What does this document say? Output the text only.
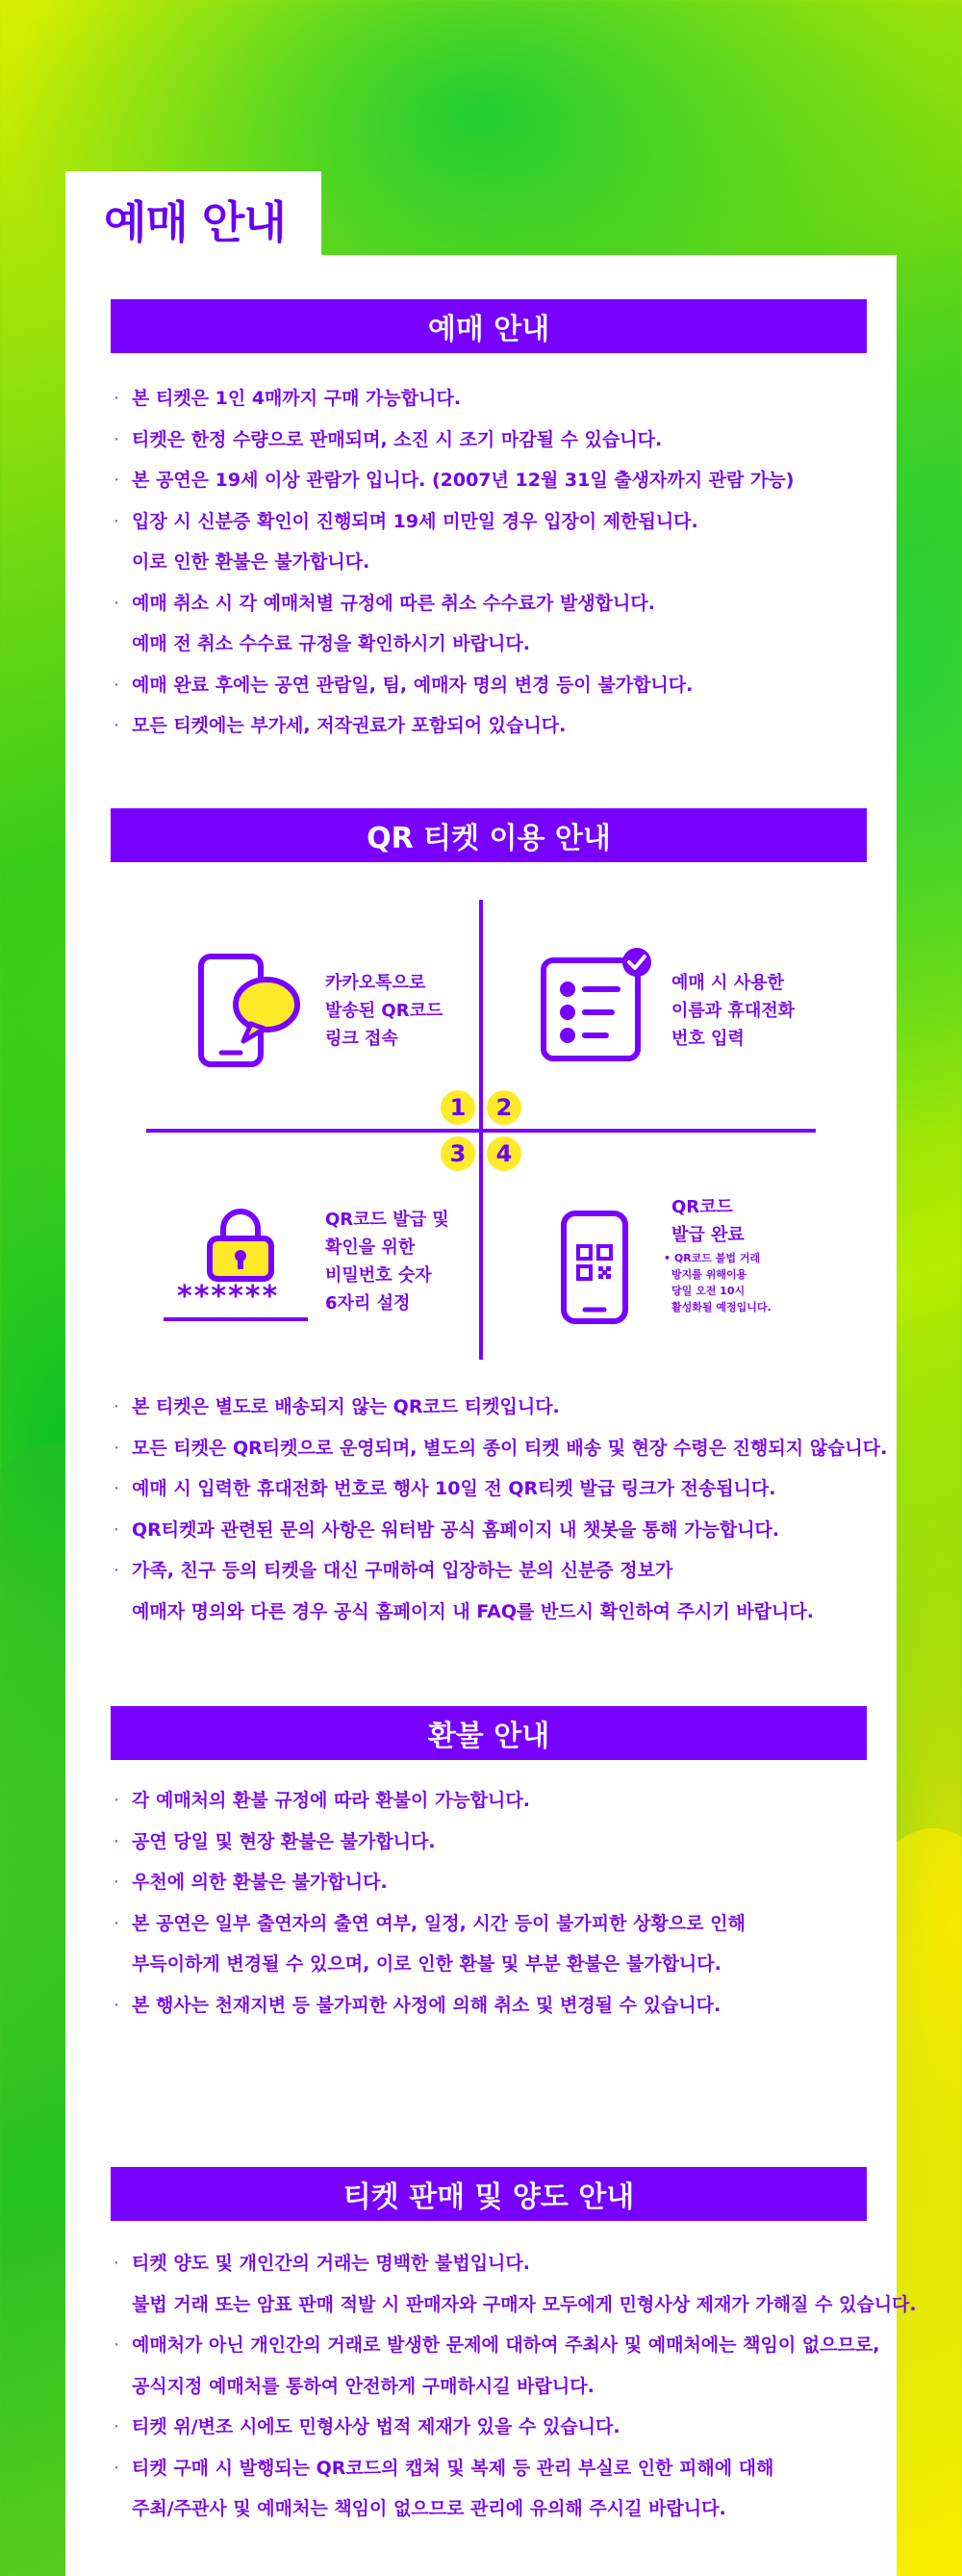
예매 안내
예매 안내
· 본 티켓은 1인 4매까지 구매 가능합니다.
· 티켓은 한정 수량으로 판매되며, 소진 시 조기 마감될 수 있습니다.
· 본 공연은 19세 이상 관람가 입니다. (2007년 12월 31일 출생자까지 관람 가능)
· 입장 시 신분증 확인이 진행되며 19세 미만일 경우 입장이 제한됩니다.
이로 인한 환불은 불가합니다.
· 예매 취소 시 각 예매처별 규정에 따른 취소 수수료가 발생합니다.
예매 전 취소 수수료 규정을 확인하시기 바랍니다.
· 예매 완료 후에는 공연 관람일, 팀, 예매자 명의 변경 등이 불가합니다.
· 모든 티켓에는 부가세, 저작권료가 포함되어 있습니다.
QR 티켓 이용 안내
1	2
3	4
카카오톡으로
발송된 QR코드
링크 접속
예매 시 사용한
이름과 휴대전화
번호 입력
******
QR코드 발급 및
확인을 위한
비밀번호 숫자
6자리 설정
QR코드
발급 완료
• QR코드 불법 거래
방지를 위해이용
당일 오전 10시
활성화될 예정입니다.
· 본 티켓은 별도로 배송되지 않는 QR코드 티켓입니다.
· 모든 티켓은 QR티켓으로 운영되며, 별도의 종이 티켓 배송 및 현장 수령은 진행되지 않습니다.
· 예매 시 입력한 휴대전화 번호로 행사 10일 전 QR티켓 발급 링크가 전송됩니다.
· QR티켓과 관련된 문의 사항은 워터밤 공식 홈페이지 내 챗봇을 통해 가능합니다.
· 가족, 친구 등의 티켓을 대신 구매하여 입장하는 분의 신분증 정보가
예매자 명의와 다른 경우 공식 홈페이지 내 FAQ를 반드시 확인하여 주시기 바랍니다.
환불 안내
· 각 예매처의 환불 규정에 따라 환불이 가능합니다.
· 공연 당일 및 현장 환불은 불가합니다.
· 우천에 의한 환불은 불가합니다.
· 본 공연은 일부 출연자의 출연 여부, 일정, 시간 등이 불가피한 상황으로 인해
부득이하게 변경될 수 있으며, 이로 인한 환불 및 부분 환불은 불가합니다.
· 본 행사는 천재지변 등 불가피한 사정에 의해 취소 및 변경될 수 있습니다.
티켓 판매 및 양도 안내
· 티켓 양도 및 개인간의 거래는 명백한 불법입니다.
불법 거래 또는 암표 판매 적발 시 판매자와 구매자 모두에게 민형사상 제재가 가해질 수 있습니다.
· 예매처가 아닌 개인간의 거래로 발생한 문제에 대하여 주최사 및 예매처에는 책임이 없으므로,
공식지정 예매처를 통하여 안전하게 구매하시길 바랍니다.
· 티켓 위/변조 시에도 민형사상 법적 제재가 있을 수 있습니다.
· 티켓 구매 시 발행되는 QR코드의 캡쳐 및 복제 등 관리 부실로 인한 피해에 대해
주최/주관사 및 예매처는 책임이 없으므로 관리에 유의해 주시길 바랍니다.
